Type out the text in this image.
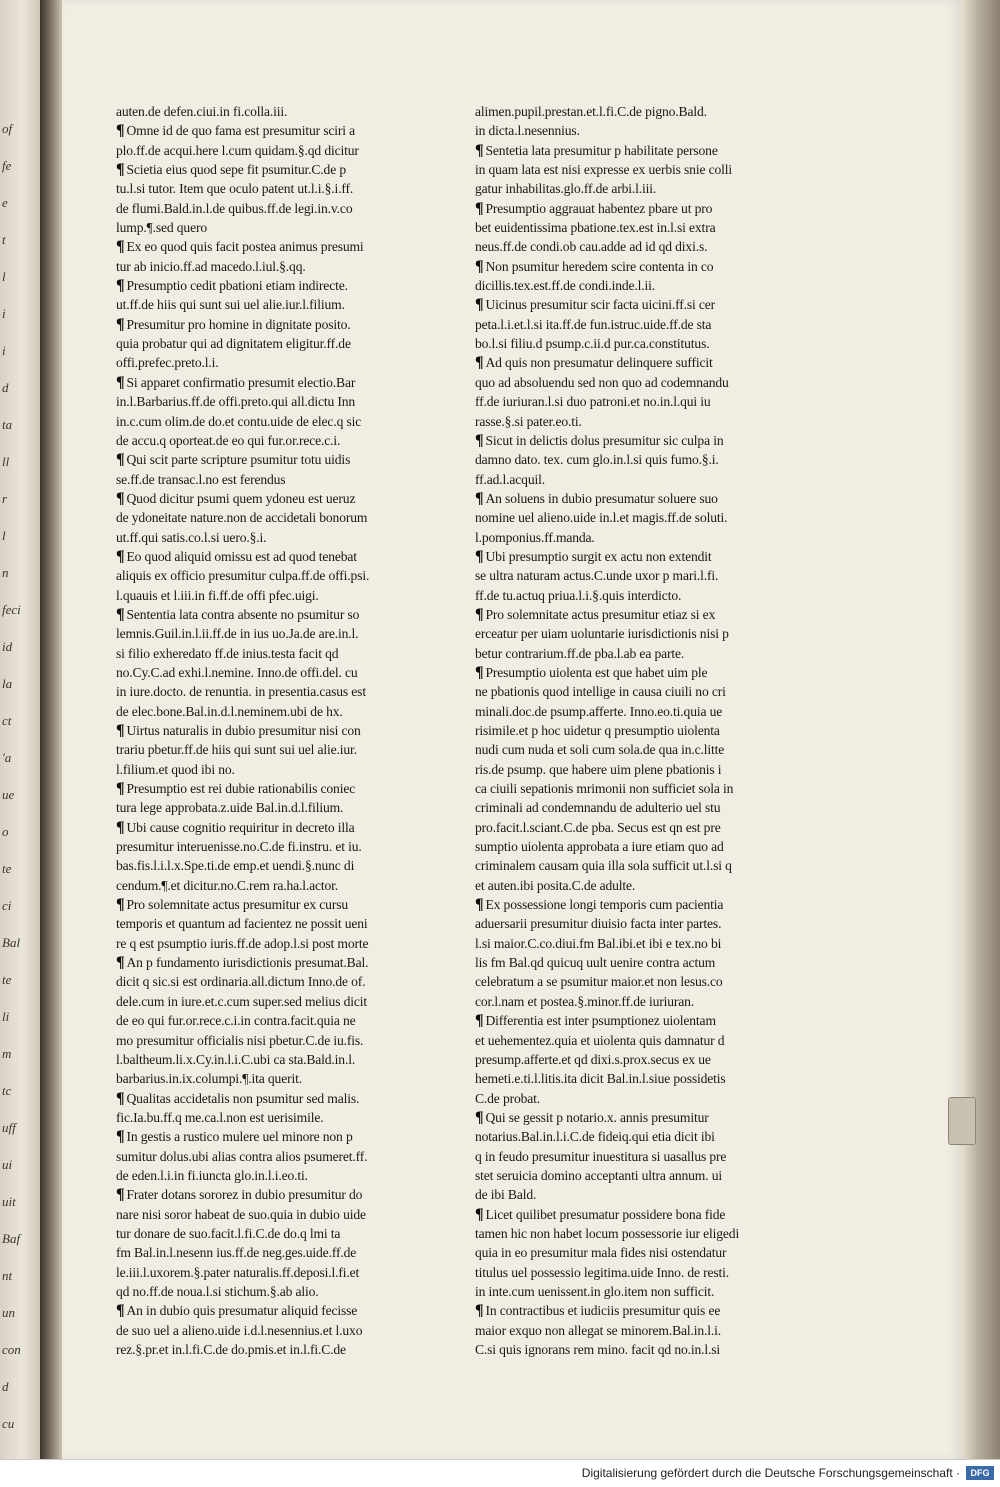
of
fe
e
t
l
i
i
d
ta
ll
r
l
n
feci
id
la
ct
'a
ue
o
te
ci
Bal
te
li
m
tc
uff
ui
uit
Baf
nt
un
con
d
cu
auten.de defen.ciui.in fi.colla.iii.
¶ Omne id de quo fama est presumitur sciri a
plo.ff.de acqui.here l.cum quidam.§.qd dicitur
¶ Scietia eius quod sepe fit psumitur.C.de p
tu.l.si tutor. Item que oculo patent ut.l.i.§.i.ff.
de flumi.Bald.in.l.de quibus.ff.de legi.in.v.co
lump.¶.sed quero
¶ Ex eo quod quis facit postea animus presumi
tur ab inicio.ff.ad macedo.l.iul.§.qq.
¶ Presumptio cedit pbationi etiam indirecte.
ut.ff.de hiis qui sunt sui uel alie.iur.l.filium.
¶ Presumitur pro homine in dignitate posito.
quia probatur qui ad dignitatem eligitur.ff.de
offi.prefec.preto.l.i.
¶ Si apparet confirmatio presumit electio.Bar
in.l.Barbarius.ff.de offi.preto.qui all.dictu Inn
in.c.cum olim.de do.et contu.uide de elec.q sic
de accu.q oporteat.de eo qui fur.or.rece.c.i.
¶ Qui scit parte scripture psumitur totu uidis
se.ff.de transac.l.no est ferendus
¶ Quod dicitur psumi quem ydoneu est ueruz
de ydoneitate nature.non de accidetali bonorum
ut.ff.qui satis.co.l.si uero.§.i.
¶ Eo quod aliquid omissu est ad quod tenebat
aliquis ex officio presumitur culpa.ff.de offi.psi.
l.quauis et l.iii.in fi.ff.de offi pfec.uigi.
¶ Sententia lata contra absente no psumitur so
lemnis.Guil.in.l.ii.ff.de in ius uo.Ja.de are.in.l.
si filio exheredato ff.de inius.testa facit qd
no.Cy.C.ad exhi.l.nemine. Inno.de offi.del. cu
in iure.docto. de renuntia. in presentia.casus est
de elec.bone.Bal.in.d.l.neminem.ubi de hx.
¶ Uirtus naturalis in dubio presumitur nisi con
trariu pbetur.ff.de hiis qui sunt sui uel alie.iur.
l.filium.et quod ibi no.
¶ Presumptio est rei dubie rationabilis coniec
tura lege approbata.z.uide Bal.in.d.l.filium.
¶ Ubi cause cognitio requiritur in decreto illa
presumitur interuenisse.no.C.de fi.instru. et iu.
bas.fis.l.i.l.x.Spe.ti.de emp.et uendi.§.nunc di
cendum.¶.et dicitur.no.C.rem ra.ha.l.actor.
¶ Pro solemnitate actus presumitur ex cursu
temporis et quantum ad facientez ne possit ueni
re q est psumptio iuris.ff.de adop.l.si post morte
¶ An p fundamento iurisdictionis presumat.Bal.
dicit q sic.si est ordinaria.all.dictum Inno.de of.
dele.cum in iure.et.c.cum super.sed melius dicit
de eo qui fur.or.rece.c.i.in contra.facit.quia ne
mo presumitur officialis nisi pbetur.C.de iu.fis.
l.baltheum.li.x.Cy.in.l.i.C.ubi ca sta.Bald.in.l.
barbarius.in.ix.columpi.¶.ita querit.
¶ Qualitas accidetalis non psumitur sed malis.
fic.Ia.bu.ff.q me.ca.l.non est uerisimile.
¶ In gestis a rustico mulere uel minore non p
sumitur dolus.ubi alias contra alios psumeret.ff.
de eden.l.i.in fi.iuncta glo.in.l.i.eo.ti.
¶ Frater dotans sororez in dubio presumitur do
nare nisi soror habeat de suo.quia in dubio uide
tur donare de suo.facit.l.fi.C.de do.q lmi ta
fm Bal.in.l.nesenn ius.ff.de neg.ges.uide.ff.de
le.iii.l.uxorem.§.pater naturalis.ff.deposi.l.fi.et
qd no.ff.de noua.l.si stichum.§.ab alio.
¶ An in dubio quis presumatur aliquid fecisse
de suo uel a alieno.uide i.d.l.nesennius.et l.uxo
rez.§.pr.et in.l.fi.C.de do.pmis.et in.l.fi.C.de
alimen.pupil.prestan.et.l.fi.C.de pigno.Bald.
in dicta.l.nesennius.
¶ Sentetia lata presumitur p habilitate persone
in quam lata est nisi expresse ex uerbis snie colli
gatur inhabilitas.glo.ff.de arbi.l.iii.
¶ Presumptio aggrauat habentez pbare ut pro
bet euidentissima pbatione.tex.est in.l.si extra
neus.ff.de condi.ob cau.adde ad id qd dixi.s.
¶ Non psumitur heredem scire contenta in co
dicillis.tex.est.ff.de condi.inde.l.ii.
¶ Uicinus presumitur scir facta uicini.ff.si cer
peta.l.i.et.l.si ita.ff.de fun.istruc.uide.ff.de sta
bo.l.si filiu.d psump.c.ii.d pur.ca.constitutus.
¶ Ad quis non presumatur delinquere sufficit
quo ad absoluendu sed non quo ad codemnandu
ff.de iuriuran.l.si duo patroni.et no.in.l.qui iu
rasse.§.si pater.eo.ti.
¶ Sicut in delictis dolus presumitur sic culpa in
damno dato. tex. cum glo.in.l.si quis fumo.§.i.
ff.ad.l.acquil.
¶ An soluens in dubio presumatur soluere suo
nomine uel alieno.uide in.l.et magis.ff.de soluti.
l.pomponius.ff.manda.
¶ Ubi presumptio surgit ex actu non extendit
se ultra naturam actus.C.unde uxor p mari.l.fi.
ff.de tu.actuq priua.l.i.§.quis interdicto.
¶ Pro solemnitate actus presumitur etiaz si ex
erceatur per uiam uoluntarie iurisdictionis nisi p
betur contrarium.ff.de pba.l.ab ea parte.
¶ Presumptio uiolenta est que habet uim ple
ne pbationis quod intellige in causa ciuili no cri
minali.doc.de psump.afferte. Inno.eo.ti.quia ue
risimile.et p hoc uidetur q presumptio uiolenta
nudi cum nuda et soli cum sola.de qua in.c.litte
ris.de psump. que habere uim plene pbationis i
ca ciuili sepationis mrimonii non sufficiet sola in
criminali ad condemnandu de adulterio uel stu
pro.facit.l.sciant.C.de pba. Secus est qn est pre
sumptio uiolenta approbata a iure etiam quo ad
criminalem causam quia illa sola sufficit ut.l.si q
et auten.ibi posita.C.de adulte.
¶ Ex possessione longi temporis cum pacientia
aduersarii presumitur diuisio facta inter partes.
l.si maior.C.co.diui.fm Bal.ibi.et ibi e tex.no bi
lis fm Bal.qd quicuq uult uenire contra actum
celebratum a se psumitur maior.et non lesus.co
cor.l.nam et postea.§.minor.ff.de iuriuran.
¶ Differentia est inter psumptionez uiolentam
et uehementez.quia et uiolenta quis damnatur d
presump.afferte.et qd dixi.s.prox.secus ex ue
hemeti.e.ti.l.litis.ita dicit Bal.in.l.siue possidetis
C.de probat.
¶ Qui se gessit p notario.x. annis presumitur
notarius.Bal.in.l.i.C.de fideiq.qui etia dicit ibi
q in feudo presumitur inuestitura si uasallus pre
stet seruicia domino acceptanti ultra annum. ui
de ibi Bald.
¶ Licet quilibet presumatur possidere bona fide
tamen hic non habet locum possessorie iur eligedi
quia in eo presumitur mala fides nisi ostendatur
titulus uel possessio legitima.uide Inno. de resti.
in inte.cum uenissent.in glo.item non sufficit.
¶ In contractibus et iudiciis presumitur quis ee
maior exquo non allegat se minorem.Bal.in.l.i.
C.si quis ignorans rem mino. facit qd no.in.l.si
Digitalisierung gefördert durch die Deutsche Forschungsgemeinschaft ·	DFG
